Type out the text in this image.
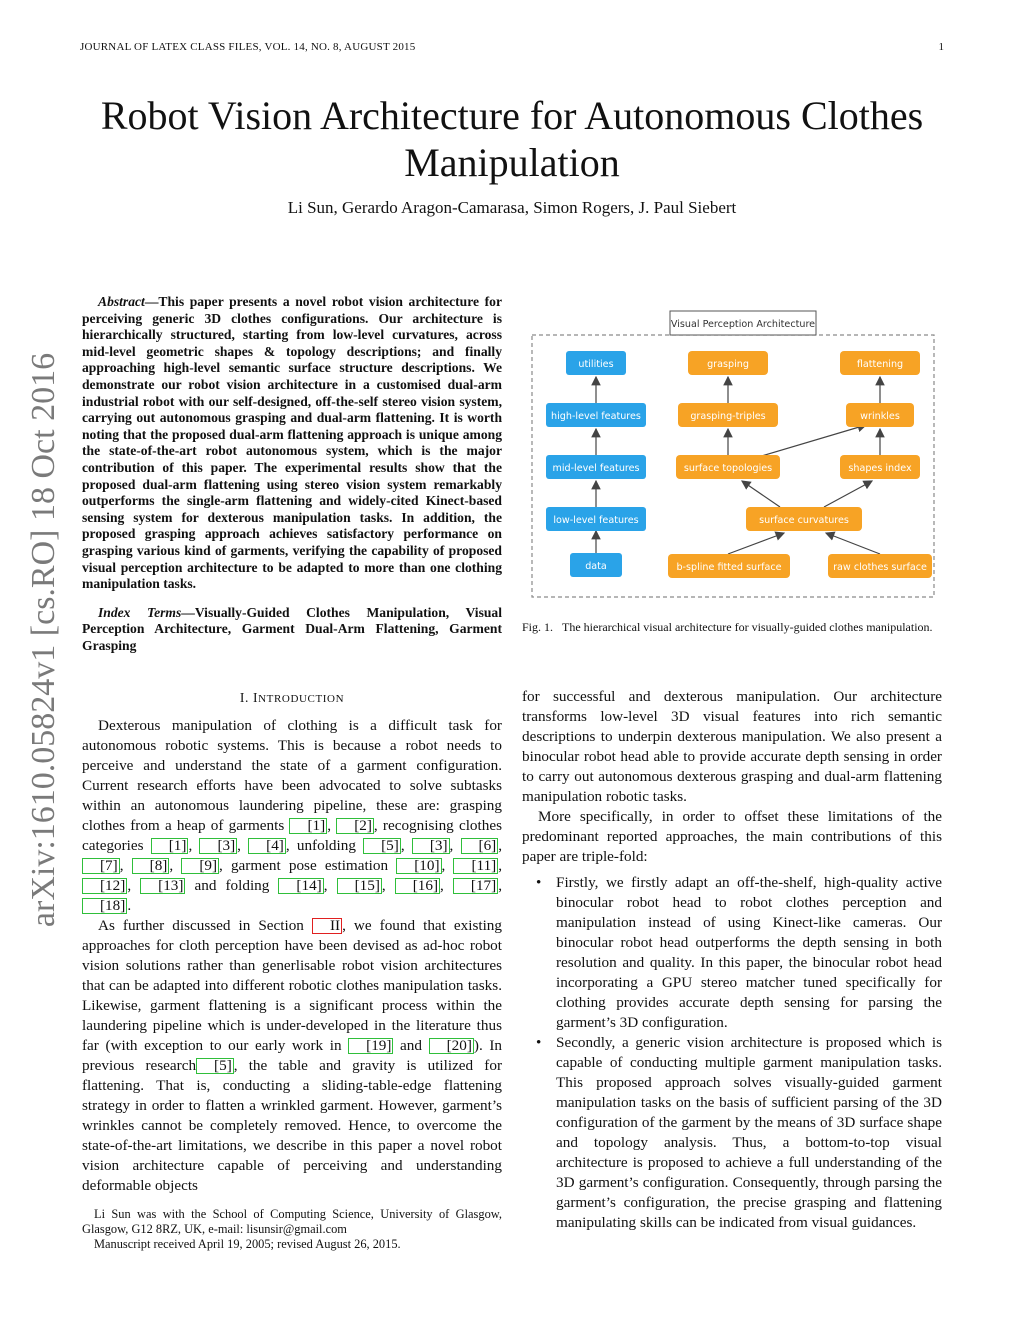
JOURNAL OF LATEX CLASS FILES, VOL. 14, NO. 8, AUGUST 2015	1
Robot Vision Architecture for Autonomous Clothes Manipulation
Li Sun, Gerardo Aragon-Camarasa, Simon Rogers, J. Paul Siebert
arXiv:1610.05824v1 [cs.RO] 18 Oct 2016

Abstract—This paper presents a novel robot vision architecture for perceiving generic 3D clothes configurations. Our architecture is hierarchically structured, starting from low-level curvatures, across mid-level geometric shapes & topology descriptions; and finally approaching high-level semantic surface structure descriptions. We demonstrate our robot vision architecture in a customised dual-arm industrial robot with our self-designed, off-the-self stereo vision system, carrying out autonomous grasping and dual-arm flattening. It is worth noting that the proposed dual-arm flattening approach is unique among the state-of-the-art robot autonomous system, which is the major contribution of this paper. The experimental results show that the proposed dual-arm flattening using stereo vision system remarkably outperforms the single-arm flattening and widely-cited Kinect-based sensing system for dexterous manipulation tasks. In addition, the proposed grasping approach achieves satisfactory performance on grasping various kind of garments, verifying the capability of proposed visual perception architecture to be adapted to more than one clothing manipulation tasks.

Index Terms—Visually-Guided Clothes Manipulation, Visual Perception Architecture, Garment Dual-Arm Flattening, Garment Grasping

I. INTRODUCTION

Dexterous manipulation of clothing is a difficult task for autonomous robotic systems. This is because a robot needs to perceive and understand the state of a garment configuration. Current research efforts have been advocated to solve subtasks within an autonomous laundering pipeline, these are: grasping clothes from a heap of garments [1] , [2] , recognising clothes categories [1] , [3] , [4] , unfolding [5] , [3] , [6] , [7] , [8] , [9] , garment pose estimation [10] , [11] , [12] , [13] and folding [14] , [15] , [16] , [17] , [18] .

As further discussed in Section II , we found that existing approaches for cloth perception have been devised as ad-hoc robot vision solutions rather than generlisable robot vision architectures that can be adapted into different robotic clothes manipulation tasks. Likewise, garment flattening is a significant process within the laundering pipeline which is under-developed in the literature thus far (with exception to our early work in [19] and [20] ). In previous research [5] , the table and gravity is utilized for flattening. That is, conducting a sliding-table-edge flattening strategy in order to flatten a wrinkled garment. However, garment’s wrinkles cannot be completely removed. Hence, to overcome the state-of-the-art limitations, we describe in this paper a novel robot vision architecture capable of perceiving and understanding deformable objects

Li Sun was with the School of Computing Science, University of Glasgow, Glasgow, G12 8RZ, UK, e-mail: lisunsir@gmail.com

Manuscript received April 19, 2005; revised August 26, 2015.

Visual Perception Architecture
utilities
high-level features
mid-level features
low-level features
data
grasping	flattening
grasping-triples	wrinkles
surface topologies	shapes index
surface curvatures
b-spline fitted surface	raw clothes surface

Fig. 1. The hierarchical visual architecture for visually-guided clothes manipulation.

for successful and dexterous manipulation. Our architecture transforms low-level 3D visual features into rich semantic descriptions to underpin dexterous manipulation. We also present a binocular robot head able to provide accurate depth sensing in order to carry out autonomous dexterous grasping and dual-arm flattening manipulation robotic tasks.

More specifically, in order to offset these limitations of the predominant reported approaches, the main contributions of this paper are triple-fold:

• Firstly, we firstly adapt an off-the-shelf, high-quality active binocular robot head to robot clothes perception and manipulation instead of using Kinect-like cameras. Our binocular robot head outperforms the depth sensing in both resolution and quality. In this paper, the binocular robot head incorporating a GPU stereo matcher tuned specifically for clothing provides accurate depth sensing for parsing the garment’s 3D configuration.
• Secondly, a generic vision architecture is proposed which is capable of conducting multiple garment manipulation tasks. This proposed approach solves visually-guided garment manipulation tasks on the basis of sufficient parsing of the 3D configuration of the garment by the means of 3D surface shape and topology analysis. Thus, a bottom-to-top visual architecture is proposed to achieve a full understanding of the 3D garment’s configuration. Consequently, through parsing the garment’s configuration, the precise grasping and flattening manipulating skills can be indicated from visual guidances.
